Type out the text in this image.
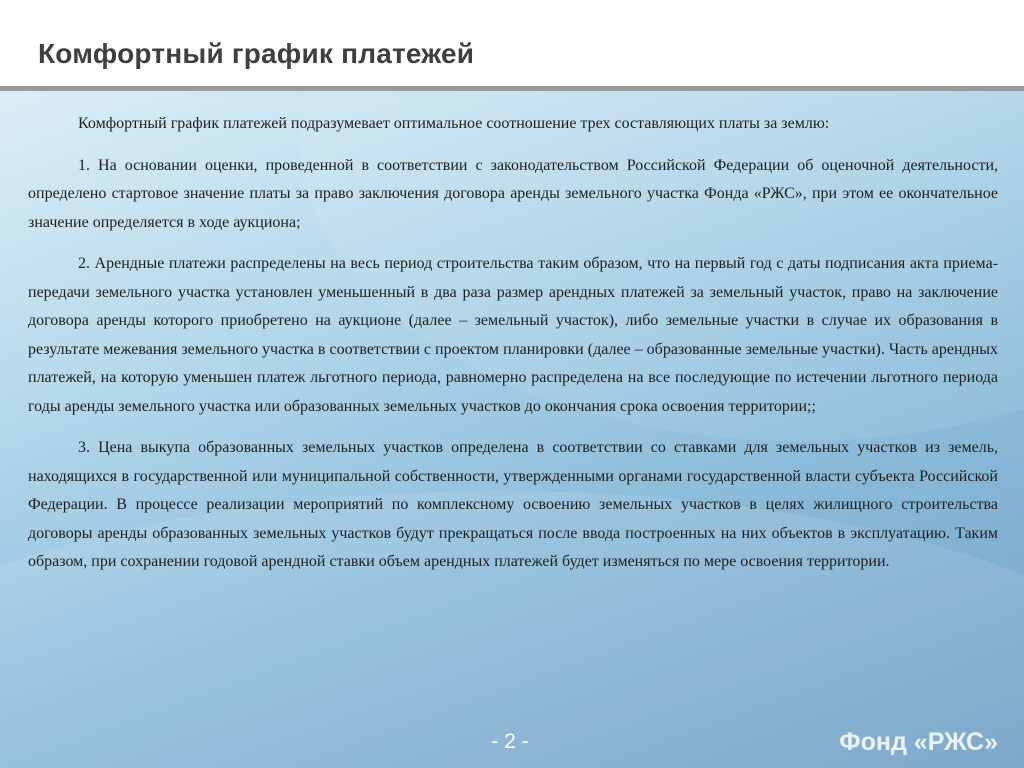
Комфортный график платежей

Комфортный график платежей подразумевает оптимальное соотношение трех составляющих платы за землю:

1. На основании оценки, проведенной в соответствии с законодательством Российской Федерации об оценочной деятельности, определено стартовое значение платы за право заключения договора аренды земельного участка Фонда «РЖС», при этом ее окончательное значение определяется в ходе аукциона;

2. Арендные платежи распределены на весь период строительства таким образом, что на первый год с даты подписания акта приема-передачи земельного участка установлен уменьшенный в два раза размер арендных платежей за земельный участок, право на заключение договора аренды которого приобретено на аукционе (далее – земельный участок), либо земельные участки в случае их образования в результате межевания земельного участка в соответствии с проектом планировки (далее – образованные земельные участки). Часть арендных платежей, на которую уменьшен платеж льготного периода, равномерно распределена на все последующие по истечении льготного периода годы аренды земельного участка или образованных земельных участков до окончания срока освоения территории;;

3. Цена выкупа образованных земельных участков определена в соответствии со ставками для земельных участков из земель, находящихся в государственной или муниципальной собственности, утвержденными органами государственной власти субъекта Российской Федерации. В процессе реализации мероприятий по комплексному освоению земельных участков в целях жилищного строительства договоры аренды образованных земельных участков будут прекращаться после ввода построенных на них объектов в эксплуатацию. Таким образом, при сохранении годовой арендной ставки объем арендных платежей будет изменяться по мере освоения территории.

- 2 -	Фонд «РЖС»
